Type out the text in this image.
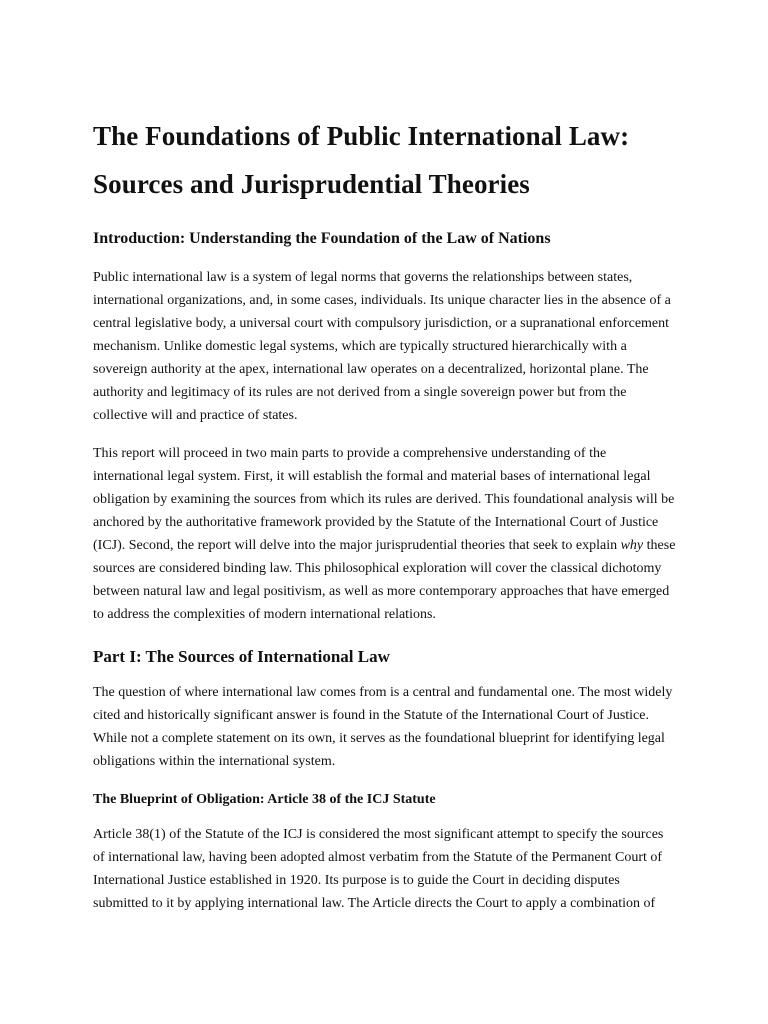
The Foundations of Public International Law: Sources and Jurisprudential Theories
Introduction: Understanding the Foundation of the Law of Nations

Public international law is a system of legal norms that governs the relationships between states, international organizations, and, in some cases, individuals. Its unique character lies in the absence of a central legislative body, a universal court with compulsory jurisdiction, or a supranational enforcement mechanism. Unlike domestic legal systems, which are typically structured hierarchically with a sovereign authority at the apex, international law operates on a decentralized, horizontal plane. The authority and legitimacy of its rules are not derived from a single sovereign power but from the collective will and practice of states.

This report will proceed in two main parts to provide a comprehensive understanding of the international legal system. First, it will establish the formal and material bases of international legal obligation by examining the sources from which its rules are derived. This foundational analysis will be anchored by the authoritative framework provided by the Statute of the International Court of Justice (ICJ). Second, the report will delve into the major jurisprudential theories that seek to explain why these sources are considered binding law. This philosophical exploration will cover the classical dichotomy between natural law and legal positivism, as well as more contemporary approaches that have emerged to address the complexities of modern international relations.

Part I: The Sources of International Law

The question of where international law comes from is a central and fundamental one. The most widely cited and historically significant answer is found in the Statute of the International Court of Justice. While not a complete statement on its own, it serves as the foundational blueprint for identifying legal obligations within the international system.

The Blueprint of Obligation: Article 38 of the ICJ Statute

Article 38(1) of the Statute of the ICJ is considered the most significant attempt to specify the sources of international law, having been adopted almost verbatim from the Statute of the Permanent Court of International Justice established in 1920. Its purpose is to guide the Court in deciding disputes submitted to it by applying international law. The Article directs the Court to apply a combination of
